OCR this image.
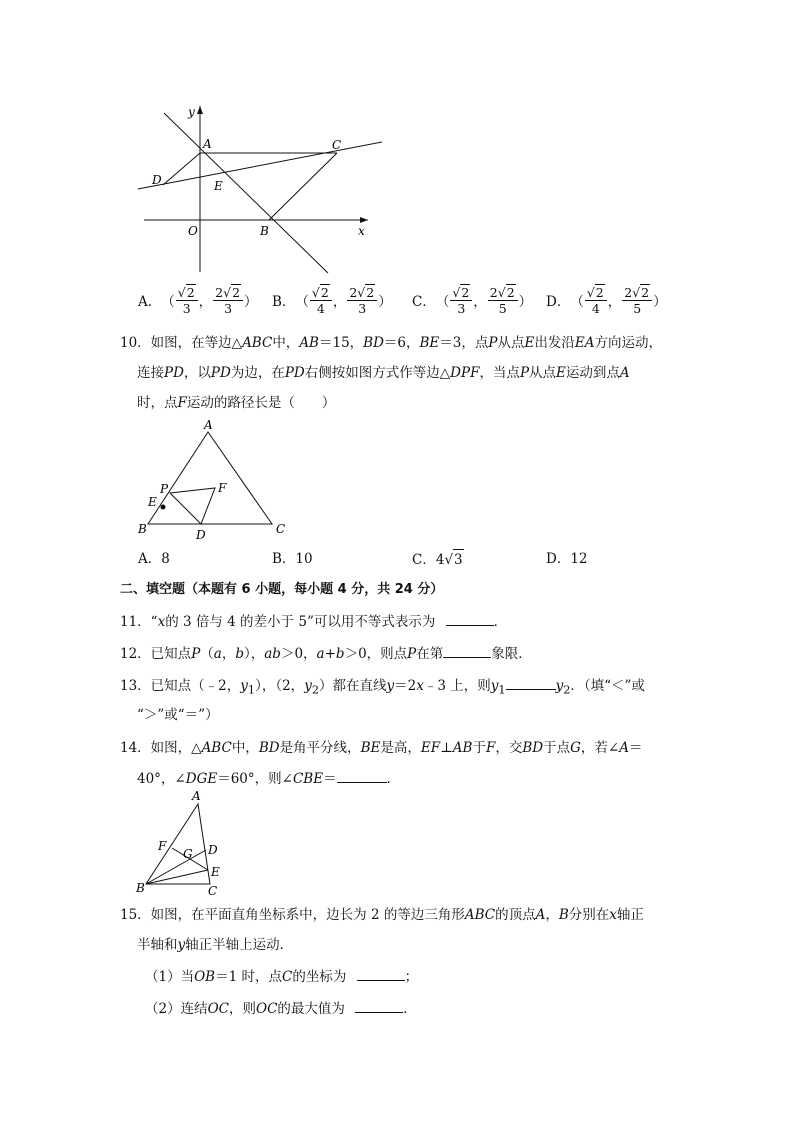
y
x
A	C
D	E
O	B
A． （ $\frac{√ 2}{3}$ ， $\frac{2√ 2}{3}$ ） B． （ $\frac{√ 2}{4}$ ， $\frac{2√ 2}{3}$ ） C． （ $\frac{√ 2}{3}$ ， $\frac{2√ 2}{5}$ ） D． （ $\frac{√ 2}{4}$ ， $\frac{2√ 2}{5}$ ）
10．如图，在等边△ABC中，AB＝15，BD＝6，BE＝3，点P从点E出发沿EA方向运动，
连接PD，以PD为边，在PD右侧按如图方式作等边△DPF，当点P从点E运动到点A
时，点F运动的路径长是（　　）
A
P	F
E
B	D	C
A．8	B．10	C．4√ 3	D．12
二、填空题（本题有 6 小题，每小题 4 分，共 24 分）
11．“x的 3 倍与 4 的差小于 5”可以用不等式表示为	．
12．已知点P（a，b），ab＞0，a+b＞0，则点P在第	象限．
13．已知点（﹣2，$y_1$），（2，$y_2$）都在直线y＝2x﹣3 上，则$y_1$	$y_2$．（填“＜”或
“＞”或“＝”）
14．如图，△ABC中，BD是角平分线，BE是高，EF⊥AB于F，交BD于点G，若∠A＝
40°，∠DGE＝60°，则∠CBE＝	．
A
F
G D
E
B	C
15．如图，在平面直角坐标系中，边长为 2 的等边三角形ABC的顶点A，B分别在x轴正
半轴和y轴正半轴上运动．
（1）当OB＝1 时，点C的坐标为	；
（2）连结OC，则OC的最大值为	．
